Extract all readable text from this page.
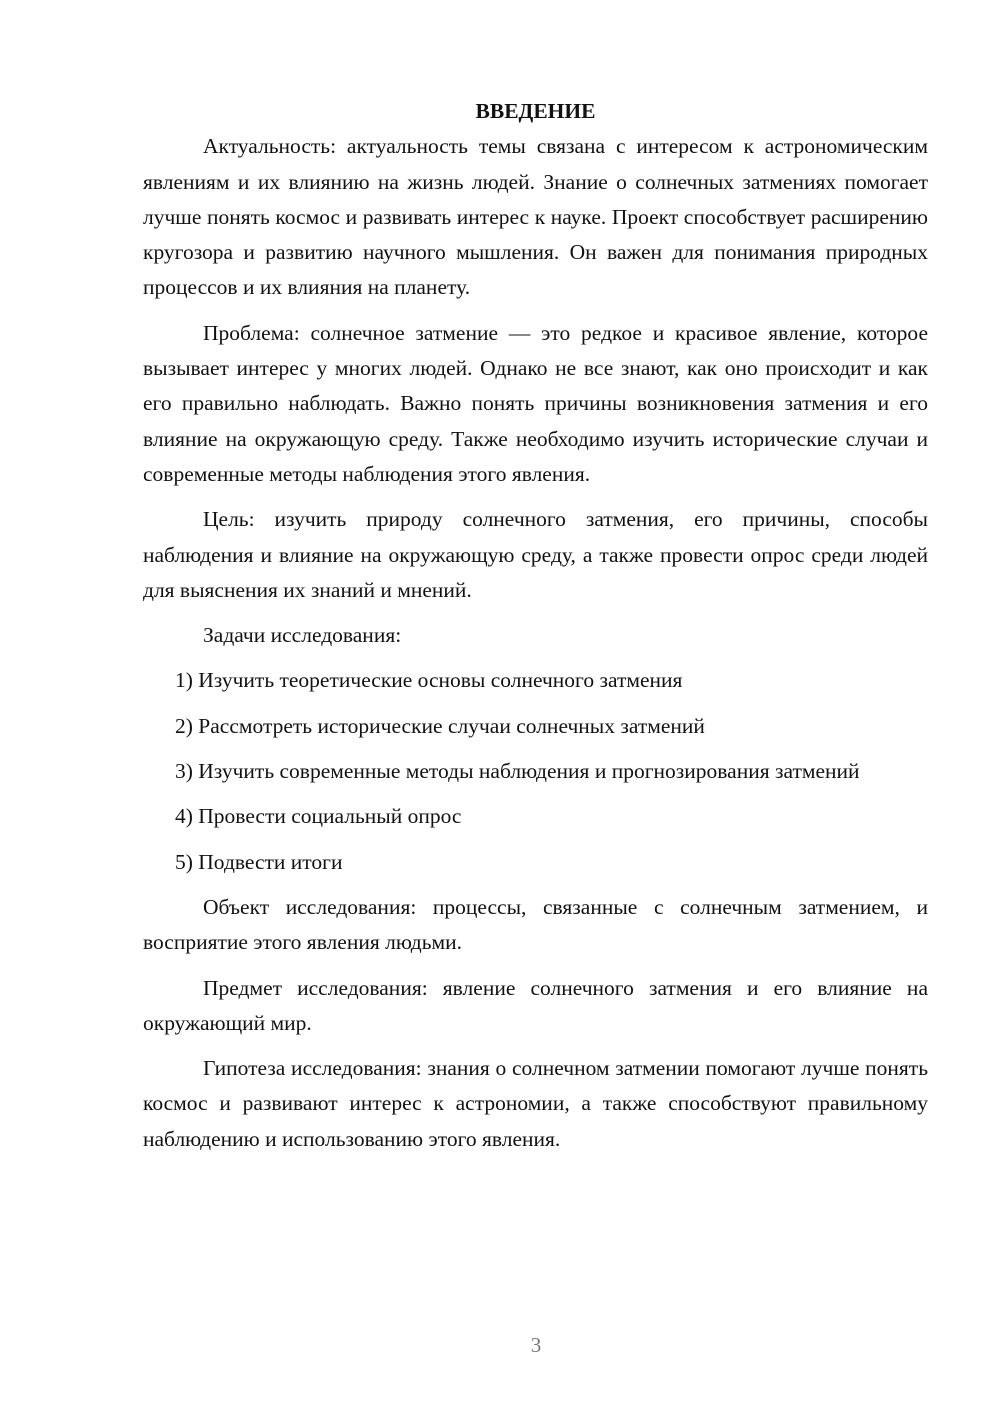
ВВЕДЕНИЕ

Актуальность: актуальность темы связана с интересом к астрономическим явлениям и их влиянию на жизнь людей. Знание о солнечных затмениях помогает лучше понять космос и развивать интерес к науке. Проект способствует расширению кругозора и развитию научного мышления. Он важен для понимания природных процессов и их влияния на планету.

Проблема: солнечное затмение — это редкое и красивое явление, которое вызывает интерес у многих людей. Однако не все знают, как оно происходит и как его правильно наблюдать. Важно понять причины возникновения затмения и его влияние на окружающую среду. Также необходимо изучить исторические случаи и современные методы наблюдения этого явления.

Цель: изучить природу солнечного затмения, его причины, способы наблюдения и влияние на окружающую среду, а также провести опрос среди людей для выяснения их знаний и мнений.

Задачи исследования:

1) Изучить теоретические основы солнечного затмения

2) Рассмотреть исторические случаи солнечных затмений

3) Изучить современные методы наблюдения и прогнозирования затмений

4) Провести социальный опрос

5) Подвести итоги

Объект исследования: процессы, связанные с солнечным затмением, и восприятие этого явления людьми.

Предмет исследования: явление солнечного затмения и его влияние на окружающий мир.

Гипотеза исследования: знания о солнечном затмении помогают лучше понять космос и развивают интерес к астрономии, а также способствуют правильному наблюдению и использованию этого явления.

3
